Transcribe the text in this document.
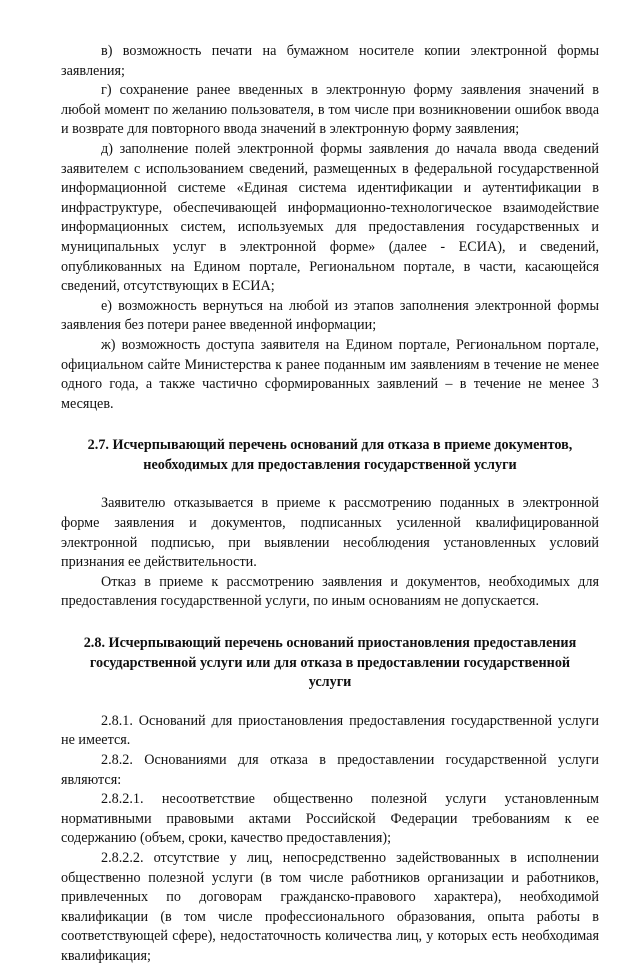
в) возможность печати на бумажном носителе копии электронной формы заявления;

г) сохранение ранее введенных в электронную форму заявления значений в любой момент по желанию пользователя, в том числе при возникновении ошибок ввода и возврате для повторного ввода значений в электронную форму заявления;

д) заполнение полей электронной формы заявления до начала ввода сведений заявителем с использованием сведений, размещенных в федеральной государственной информационной системе «Единая система идентификации и аутентификации в инфраструктуре, обеспечивающей информационно-технологическое взаимодействие информационных систем, используемых для предоставления государственных и муниципальных услуг в электронной форме» (далее - ЕСИА), и сведений, опубликованных на Едином портале, Региональном портале, в части, касающейся сведений, отсутствующих в ЕСИА;

е) возможность вернуться на любой из этапов заполнения электронной формы заявления без потери ранее введенной информации;

ж) возможность доступа заявителя на Едином портале, Региональном портале, официальном сайте Министерства к ранее поданным им заявлениям в течение не менее одного года, а также частично сформированных заявлений – в течение не менее 3 месяцев.

2.7. Исчерпывающий перечень оснований для отказа в приеме документов, необходимых для предоставления государственной услуги

Заявителю отказывается в приеме к рассмотрению поданных в электронной форме заявления и документов, подписанных усиленной квалифицированной электронной подписью, при выявлении несоблюдения установленных условий признания ее действительности.

Отказ в приеме к рассмотрению заявления и документов, необходимых для предоставления государственной услуги, по иным основаниям не допускается.

2.8. Исчерпывающий перечень оснований приостановления предоставления государственной услуги или для отказа в предоставлении государственной услуги

2.8.1. Оснований для приостановления предоставления государственной услуги не имеется.

2.8.2. Основаниями для отказа в предоставлении государственной услуги являются:

2.8.2.1. несоответствие общественно полезной услуги установленным нормативными правовыми актами Российской Федерации требованиям к ее содержанию (объем, сроки, качество предоставления);

2.8.2.2. отсутствие у лиц, непосредственно задействованных в исполнении общественно полезной услуги (в том числе работников организации и работников, привлеченных по договорам гражданско-правового характера), необходимой квалификации (в том числе профессионального образования, опыта работы в соответствующей сфере), недостаточность количества лиц, у которых есть необходимая квалификация;
